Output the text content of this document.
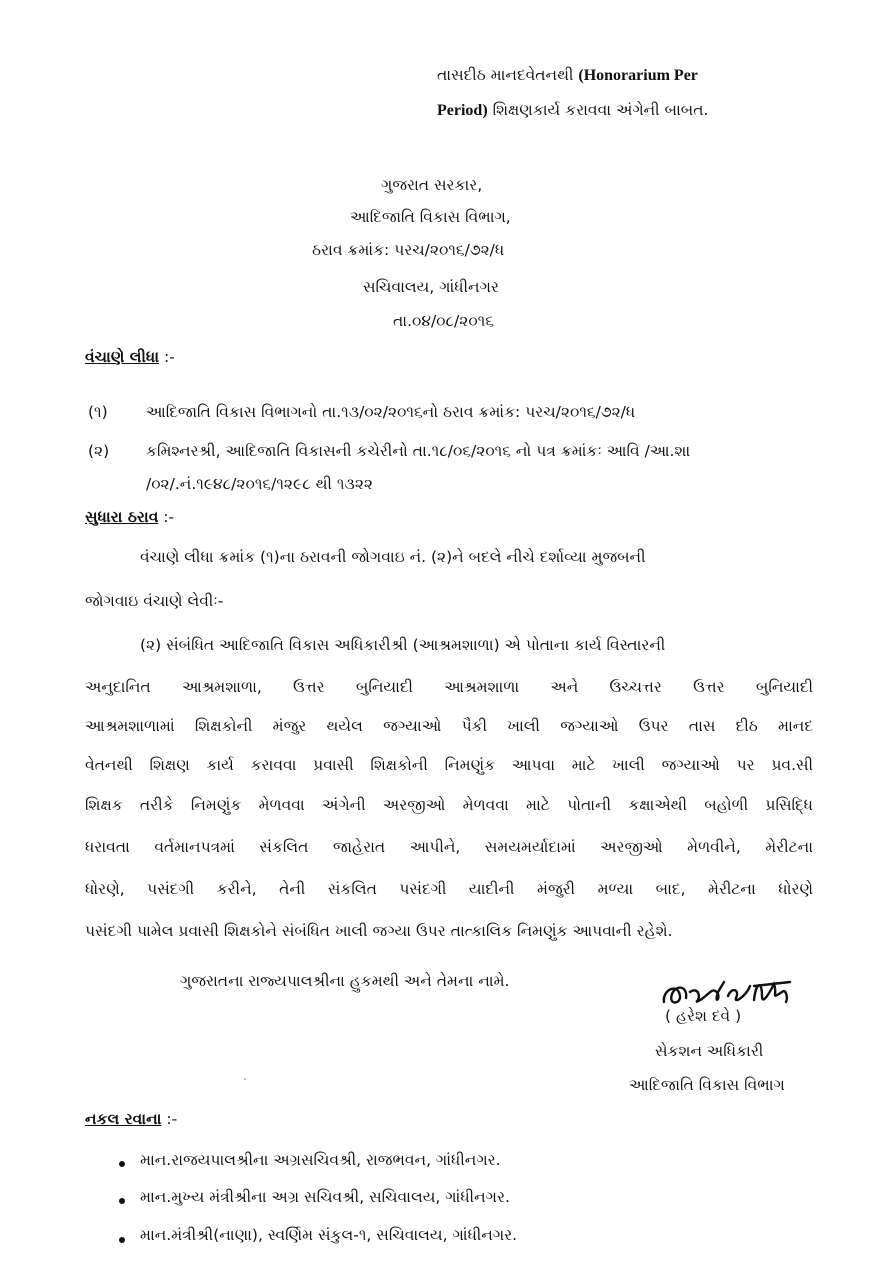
તાસદીઠ માનદવેતનથી (Honorarium Per
Period) શિક્ષણકાર્ય કરાવવા અંગેની બાબત.
ગુજરાત સરકાર,
આદિજાતિ વિકાસ વિભાગ,
ઠરાવ ક્રમાંક: પરચ/૨૦૧૬/૭૨/ધ
સચિવાલય, ગાંધીનગર
તા.૦૪/૦૮/૨૦૧૬
વંચાણે લીધા :-
(૧) આદિજાતિ વિકાસ વિભાગનો તા.૧૩/૦૨/૨૦૧૬નો ઠરાવ ક્રમાંક: પરચ/૨૦૧૬/૭૨/ધ
(૨) કમિશ્નરશ્રી, આદિજાતિ વિકાસની કચેરીનો તા.૧૮/૦૬/૨૦૧૬ નો પત્ર ક્રમાંકઃ આવિ /આ.શા
/૦૨/.નં.૧૯૪૮/૨૦૧૬/૧૨૯૮ થી ૧૩૨૨
સુધારા ઠરાવ :-
વંચાણે લીધા ક્રમાંક (૧)ના ઠરાવની જોગવાઇ નં. (૨)ને બદલે નીચે દર્શાવ્યા મુજબની
જોગવાઇ વંચાણે લેવીઃ-
(૨) સંબંધિત આદિજાતિ વિકાસ અધિકારીશ્રી (આશ્રમશાળા) એ પોતાના કાર્ય વિસ્તારની
અનુદાનિત આશ્રમશાળા, ઉત્તર બુનિયાદી આશ્રમશાળા અને ઉચ્ચત્તર ઉત્તર બુનિયાદી
આશ્રમશાળામાં શિક્ષકોની મંજુર થયેલ જગ્યાઓ પૈકી ખાલી જગ્યાઓ ઉપર તાસ દીઠ માનદ
વેતનથી શિક્ષણ કાર્ય કરાવવા પ્રવાસી શિક્ષકોની નિમણુંક આપવા માટે ખાલી જગ્યાઓ પર પ્રવ.સી
શિક્ષક તરીકે નિમણુંક મેળવવા અંગેની અરજીઓ મેળવવા માટે પોતાની કક્ષાએથી બહોળી પ્રસિદ્ધિ
ધરાવતા વર્તમાનપત્રમાં સંકલિત જાહેરાત આપીને, સમયમર્યાદામાં અરજીઓ મેળવીને, મેરીટના
ધોરણે, પસંદગી કરીને, તેની સંકલિત પસંદગી યાદીની મંજુરી મળ્યા બાદ, મેરીટના ધોરણે
પસંદગી પામેલ પ્રવાસી શિક્ષકોને સંબંધિત ખાલી જગ્યા ઉપર તાત્કાલિક નિમણુંક આપવાની રહેશે.
ગુજરાતના રાજ્યપાલશ્રીના હુકમથી અને તેમના નામે.
( હરેશ દવે )
સેકશન અધિકારી
આદિજાતિ વિકાસ વિભાગ
નકલ રવાના :-
માન.રાજયપાલશ્રીના અગ્રસચિવશ્રી, રાજભવન, ગાંધીનગર.
માન.મુખ્ય મંત્રીશ્રીના અગ્ર સચિવશ્રી, સચિવાલય, ગાંધીનગર.
માન.મંત્રીશ્રી(નાણા), સ્વર્ણિમ સંકુલ-૧, સચિવાલય, ગાંધીનગર.
